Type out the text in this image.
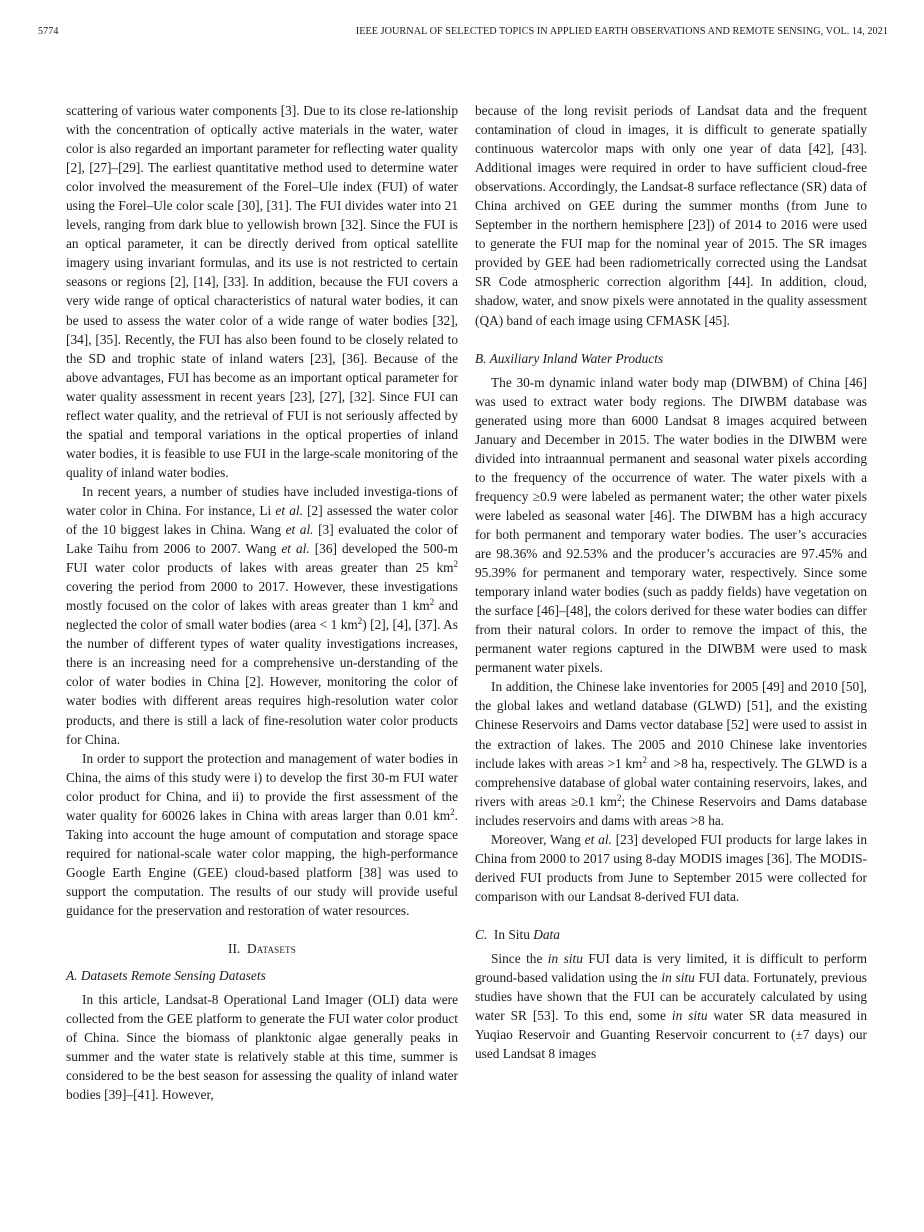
5774	IEEE JOURNAL OF SELECTED TOPICS IN APPLIED EARTH OBSERVATIONS AND REMOTE SENSING, VOL. 14, 2021

scattering of various water components [3]. Due to its close re-lationship with the concentration of optically active materials in the water, water color is also regarded an important parameter for reflecting water quality [2], [27]–[29]. The earliest quantitative method used to determine water color involved the measurement of the Forel–Ule index (FUI) of water using the Forel–Ule color scale [30], [31]. The FUI divides water into 21 levels, ranging from dark blue to yellowish brown [32]. Since the FUI is an optical parameter, it can be directly derived from optical satellite imagery using invariant formulas, and its use is not restricted to certain seasons or regions [2], [14], [33]. In addition, because the FUI covers a very wide range of optical characteristics of natural water bodies, it can be used to assess the water color of a wide range of water bodies [32], [34], [35]. Recently, the FUI has also been found to be closely related to the SD and trophic state of inland waters [23], [36]. Because of the above advantages, FUI has become as an important optical parameter for water quality assessment in recent years [23], [27], [32]. Since FUI can reflect water quality, and the retrieval of FUI is not seriously affected by the spatial and temporal variations in the optical properties of inland water bodies, it is feasible to use FUI in the large-scale monitoring of the quality of inland water bodies.

In recent years, a number of studies have included investiga-tions of water color in China. For instance, Li et al. [2] assessed the water color of the 10 biggest lakes in China. Wang et al. [3] evaluated the color of Lake Taihu from 2006 to 2007. Wang et al. [36] developed the 500-m FUI water color products of lakes with areas greater than 25 $km^2$ covering the period from 2000 to 2017. However, these investigations mostly focused on the color of lakes with areas greater than 1 $km^2$ and neglected the color of small water bodies (area < 1 $km^2$) [2], [4], [37]. As the number of different types of water quality investigations increases, there is an increasing need for a comprehensive un-derstanding of the color of water bodies in China [2]. However, monitoring the color of water bodies with different areas requires high-resolution water color products, and there is still a lack of fine-resolution water color products for China.

In order to support the protection and management of water bodies in China, the aims of this study were i) to develop the first 30-m FUI water color product for China, and ii) to provide the first assessment of the water quality for 60026 lakes in China with areas larger than 0.01 $km^2$. Taking into account the huge amount of computation and storage space required for national-scale water color mapping, the high-performance Google Earth Engine (GEE) cloud-based platform [38] was used to support the computation. The results of our study will provide useful guidance for the preservation and restoration of water resources.

II. Datasets
A. Datasets Remote Sensing Datasets

In this article, Landsat-8 Operational Land Imager (OLI) data were collected from the GEE platform to generate the FUI water color product of China. Since the biomass of planktonic algae generally peaks in summer and the water state is relatively stable at this time, summer is considered to be the best season for assessing the quality of inland water bodies [39]–[41]. However,

because of the long revisit periods of Landsat data and the frequent contamination of cloud in images, it is difficult to generate spatially continuous watercolor maps with only one year of data [42], [43]. Additional images were required in order to have sufficient cloud-free observations. Accordingly, the Landsat-8 surface reflectance (SR) data of China archived on GEE during the summer months (from June to September in the northern hemisphere [23]) of 2014 to 2016 were used to generate the FUI map for the nominal year of 2015. The SR images provided by GEE had been radiometrically corrected using the Landsat SR Code atmospheric correction algorithm [44]. In addition, cloud, shadow, water, and snow pixels were annotated in the quality assessment (QA) band of each image using CFMASK [45].

B. Auxiliary Inland Water Products

The 30-m dynamic inland water body map (DIWBM) of China [46] was used to extract water body regions. The DIWBM database was generated using more than 6000 Landsat 8 images acquired between January and December in 2015. The water bodies in the DIWBM were divided into intraannual permanent and seasonal water pixels according to the frequency of the occurrence of water. The water pixels with a frequency ≥0.9 were labeled as permanent water; the other water pixels were labeled as seasonal water [46]. The DIWBM has a high accuracy for both permanent and temporary water bodies. The user’s accuracies are 98.36% and 92.53% and the producer’s accuracies are 97.45% and 95.39% for permanent and temporary water, respectively. Since some temporary inland water bodies (such as paddy fields) have vegetation on the surface [46]–[48], the colors derived for these water bodies can differ from their natural colors. In order to remove the impact of this, the permanent water regions captured in the DIWBM were used to mask permanent water pixels.

In addition, the Chinese lake inventories for 2005 [49] and 2010 [50], the global lakes and wetland database (GLWD) [51], and the existing Chinese Reservoirs and Dams vector database [52] were used to assist in the extraction of lakes. The 2005 and 2010 Chinese lake inventories include lakes with areas >1 $km^2$ and >8 ha, respectively. The GLWD is a comprehensive database of global water containing reservoirs, lakes, and rivers with areas ≥0.1 $km^2$; the Chinese Reservoirs and Dams database includes reservoirs and dams with areas >8 ha.

Moreover, Wang et al. [23] developed FUI products for large lakes in China from 2000 to 2017 using 8-day MODIS images [36]. The MODIS-derived FUI products from June to September 2015 were collected for comparison with our Landsat 8-derived FUI data.

C.  In Situ Data

Since the in situ FUI data is very limited, it is difficult to perform ground-based validation using the in situ FUI data. Fortunately, previous studies have shown that the FUI can be accurately calculated by using water SR [53]. To this end, some in situ water SR data measured in Yuqiao Reservoir and Guanting Reservoir concurrent to (±7 days) our used Landsat 8 images
